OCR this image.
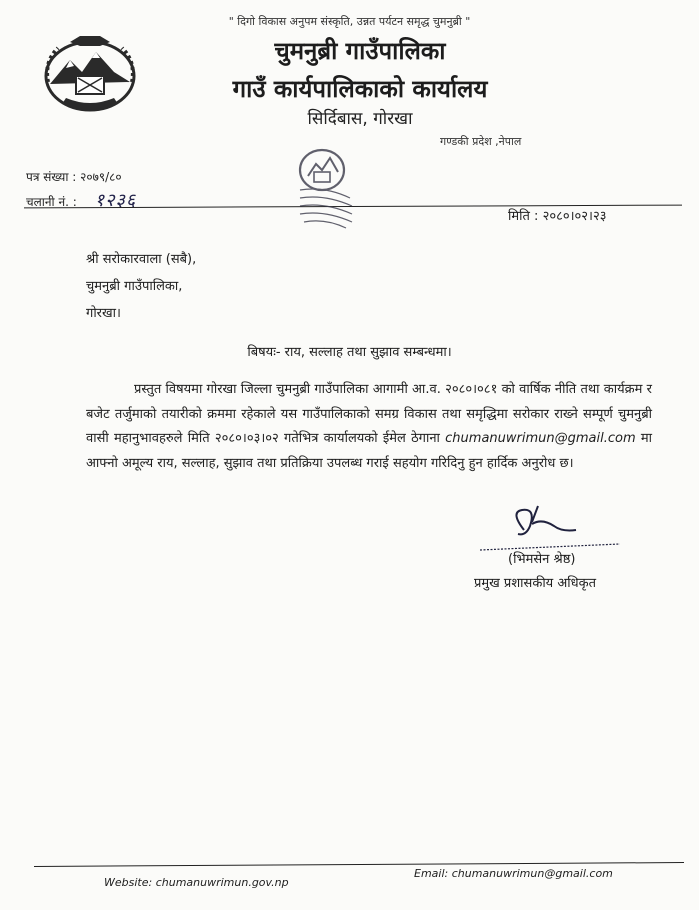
" दिगो विकास अनुपम संस्कृति, उन्नत पर्यटन समृद्ध चुमनुब्री "
चुमनुब्री गाउँपालिका
गाउँ कार्यपालिकाको कार्यालय
सिर्दिबास, गोरखा
गण्डकी प्रदेश ,नेपाल
पत्र संख्या : २०७९/८०
चलानी नं. : १२३६
मिति : २०८०।०२।२३
श्री सरोकारवाला (सबै),
चुमनुब्री गाउँपालिका,
गोरखा।
बिषयः- राय, सल्लाह तथा सुझाव सम्बन्धमा।
प्रस्तुत विषयमा गोरखा जिल्ला चुमनुब्री गाउँपालिका आगामी आ.व. २०८०।०८१ को वार्षिक नीति तथा कार्यक्रम र बजेट तर्जुमाको तयारीको क्रममा रहेकाले यस गाउँपालिकाको समग्र विकास तथा समृद्धिमा सरोकार राख्ने सम्पूर्ण चुमनुब्री वासी महानुभावहरुले मिति २०८०।०३।०२ गतेभित्र कार्यालयको ईमेल ठेगाना chumanuwrimun@gmail.com मा आफ्नो अमूल्य राय, सल्लाह, सुझाव तथा प्रतिक्रिया उपलब्ध गराई सहयोग गरिदिनु हुन हार्दिक अनुरोध छ।
(भिमसेन श्रेष्ठ)
प्रमुख प्रशासकीय अधिकृत
Website: chumanuwrimun.gov.np
Email: chumanuwrimun@gmail.com
